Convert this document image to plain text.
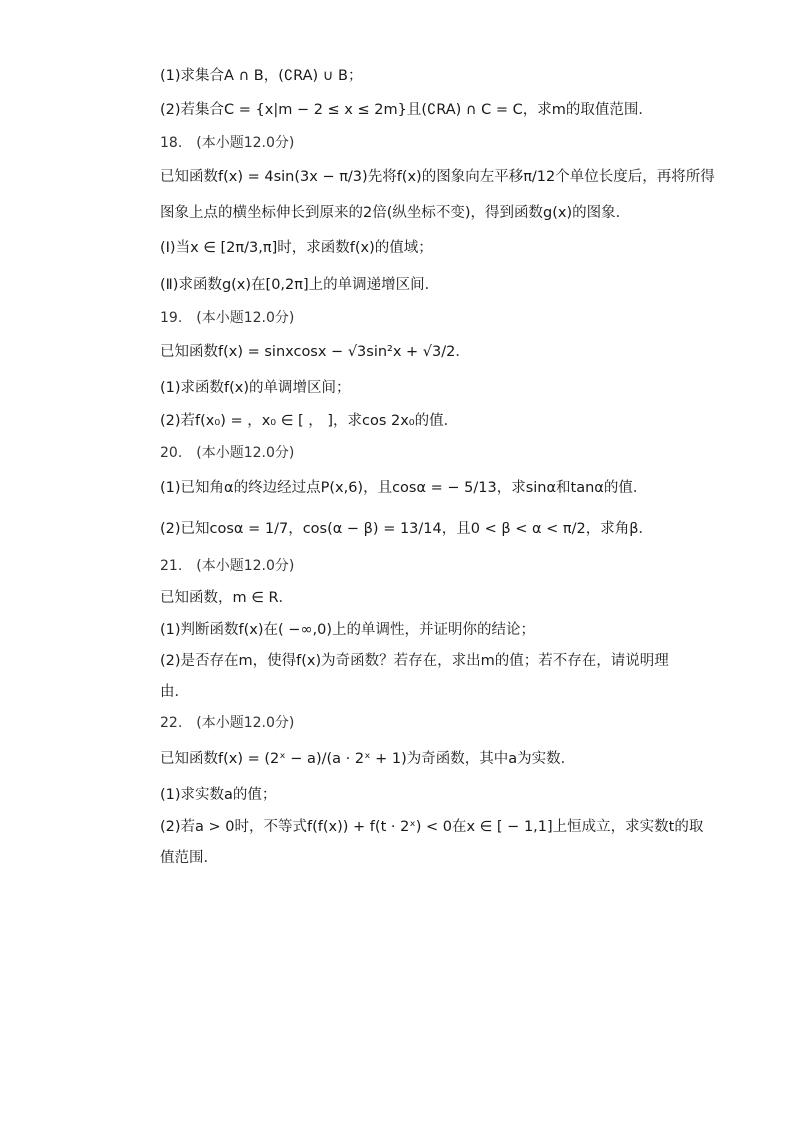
(1)求集合A ∩ B，(∁RA) ∪ B；

(2)若集合C = {x|m − 2 ≤ x ≤ 2m}且(∁RA) ∩ C = C，求m的取值范围．

18.　(本小题12.0分)

已知函数f(x) = 4sin(3x − π/3)先将f(x)的图象向左平移π/12个单位长度后，再将所得

图象上点的横坐标伸长到原来的2倍(纵坐标不变)，得到函数g(x)的图象．

(Ⅰ)当x ∈ [2π/3,π]时，求函数f(x)的值域；

(Ⅱ)求函数g(x)在[0,2π]上的单调递增区间．

19.　(本小题12.0分)

已知函数f(x) = sinxcosx − √3sin²x + √3/2．

(1)求函数f(x)的单调增区间；

(2)若f(x₀) = ，x₀ ∈ [ ， ]，求cos 2x₀的值．

20.　(本小题12.0分)

(1)已知角α的终边经过点P(x,6)，且cosα = − 5/13，求sinα和tanα的值．

(2)已知cosα = 1/7，cos(α − β) = 13/14，且0 < β < α < π/2，求角β．

21.　(本小题12.0分)

已知函数，m ∈ R．

(1)判断函数f(x)在( −∞,0)上的单调性，并证明你的结论；

(2)是否存在m，使得f(x)为奇函数？若存在，求出m的值；若不存在，请说明理

由．

22.　(本小题12.0分)

已知函数f(x) = (2ˣ − a)/(a · 2ˣ + 1)为奇函数，其中a为实数．

(1)求实数a的值；

(2)若a > 0时，不等式f(f(x)) + f(t · 2ˣ) < 0在x ∈ [ − 1,1]上恒成立，求实数t的取

值范围．
